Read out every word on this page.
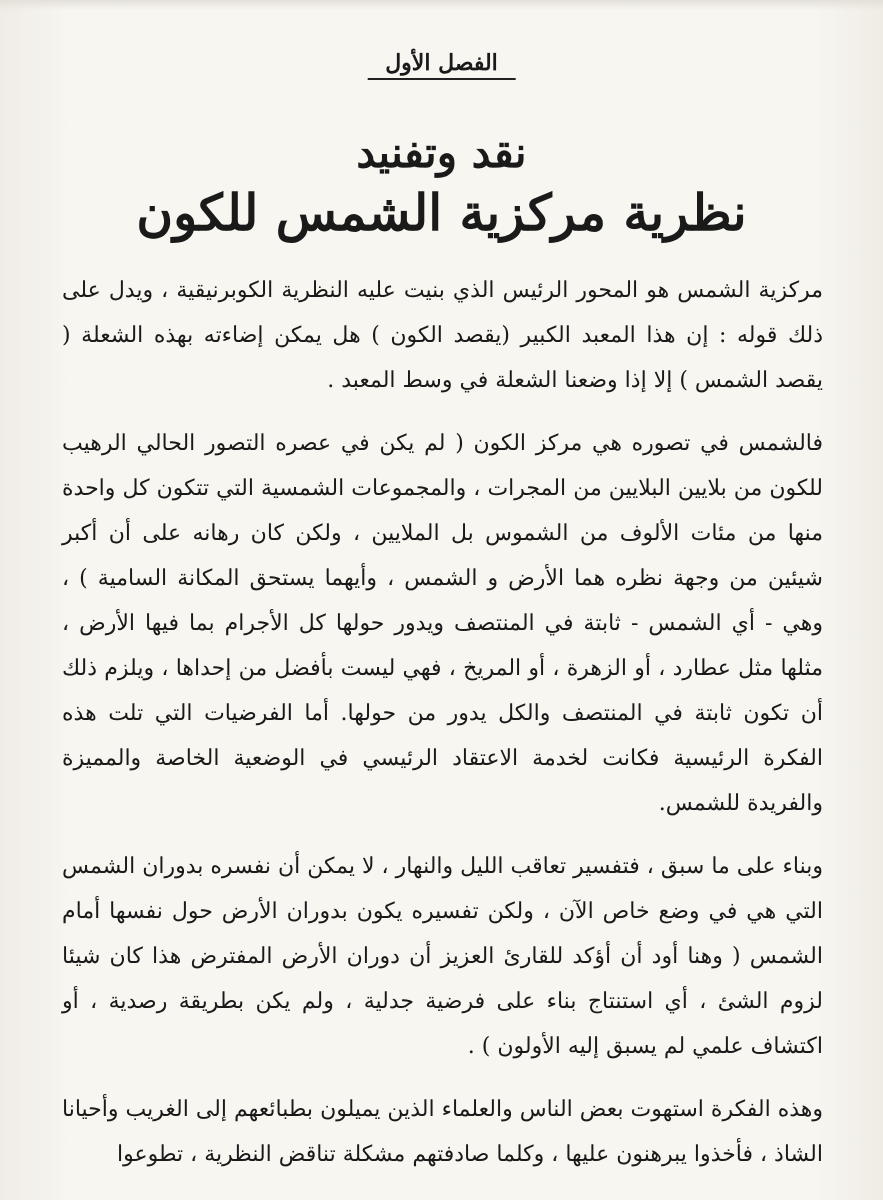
الفصل الأول
نقد وتفنيد
نظرية مركزية الشمس للكون

مركزية الشمس هو المحور الرئيس الذي بنيت عليه النظرية الكوبرنيقية ، ويدل على ذلك قوله : إن هذا المعبد الكبير (يقصد الكون ) هل يمكن إضاءته بهذه الشعلة ( يقصد الشمس ) إلا إذا وضعنا الشعلة في وسط المعبد .

فالشمس في تصوره هي مركز الكون ( لم يكن في عصره التصور الحالي الرهيب للكون من بلايين البلايين من المجرات ، والمجموعات الشمسية التي تتكون كل واحدة منها من مئات الألوف من الشموس بل الملايين ، ولكن كان رهانه على أن أكبر شيئين من وجهة نظره هما الأرض و الشمس ، وأيهما يستحق المكانة السامية ) ، وهي - أي الشمس - ثابتة في المنتصف ويدور حولها كل الأجرام بما فيها الأرض ، مثلها مثل عطارد ، أو الزهرة ، أو المريخ ، فهي ليست بأفضل من إحداها ، ويلزم ذلك أن تكون ثابتة في المنتصف والكل يدور من حولها. أما الفرضيات التي تلت هذه الفكرة الرئيسية فكانت لخدمة الاعتقاد الرئيسي في الوضعية الخاصة والمميزة والفريدة للشمس.

وبناء على ما سبق ، فتفسير تعاقب الليل والنهار ، لا يمكن أن نفسره بدوران الشمس التي هي في وضع خاص الآن ، ولكن تفسيره يكون بدوران الأرض حول نفسها أمام الشمس ( وهنا أود أن أؤكد للقارئ العزيز أن دوران الأرض المفترض هذا كان شيئا لزوم الشئ ، أي استنتاج بناء على فرضية جدلية ، ولم يكن بطريقة رصدية ، أو اكتشاف علمي لم يسبق إليه الأولون ) .

وهذه الفكرة استهوت بعض الناس والعلماء الذين يميلون بطبائعهم إلى الغريب وأحيانا الشاذ ، فأخذوا يبرهنون عليها ، وكلما صادفتهم مشكلة تناقض النظرية ، تطوعوا
